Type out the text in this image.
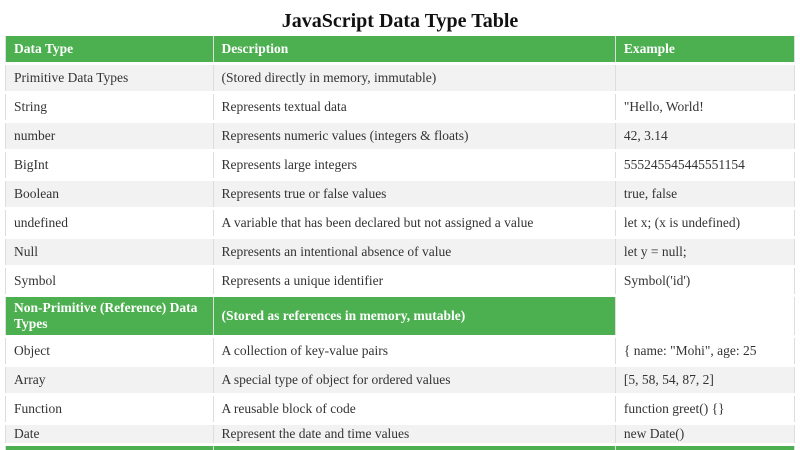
JavaScript Data Type Table
Data Type	Description	Example
Primitive Data Types	(Stored directly in memory, immutable)	
String	Represents textual data	"Hello, World!
number	Represents numeric values (integers & floats)	42, 3.14
BigInt	Represents large integers	555245545445551154
Boolean	Represents true or false values	true, false
undefined	A variable that has been declared but not assigned a value	let x; (x is undefined)
Null	Represents an intentional absence of value	let y = null;
Symbol	Represents a unique identifier	Symbol('id')
Non-Primitive (Reference) Data Types	(Stored as references in memory, mutable)	
Object	A collection of key-value pairs	{ name: "Mohi", age: 25
Array	A special type of object for ordered values	[5, 58, 54, 87, 2]
Function	A reusable block of code	function greet() {}
Date	Represent the date and time values	new Date()
